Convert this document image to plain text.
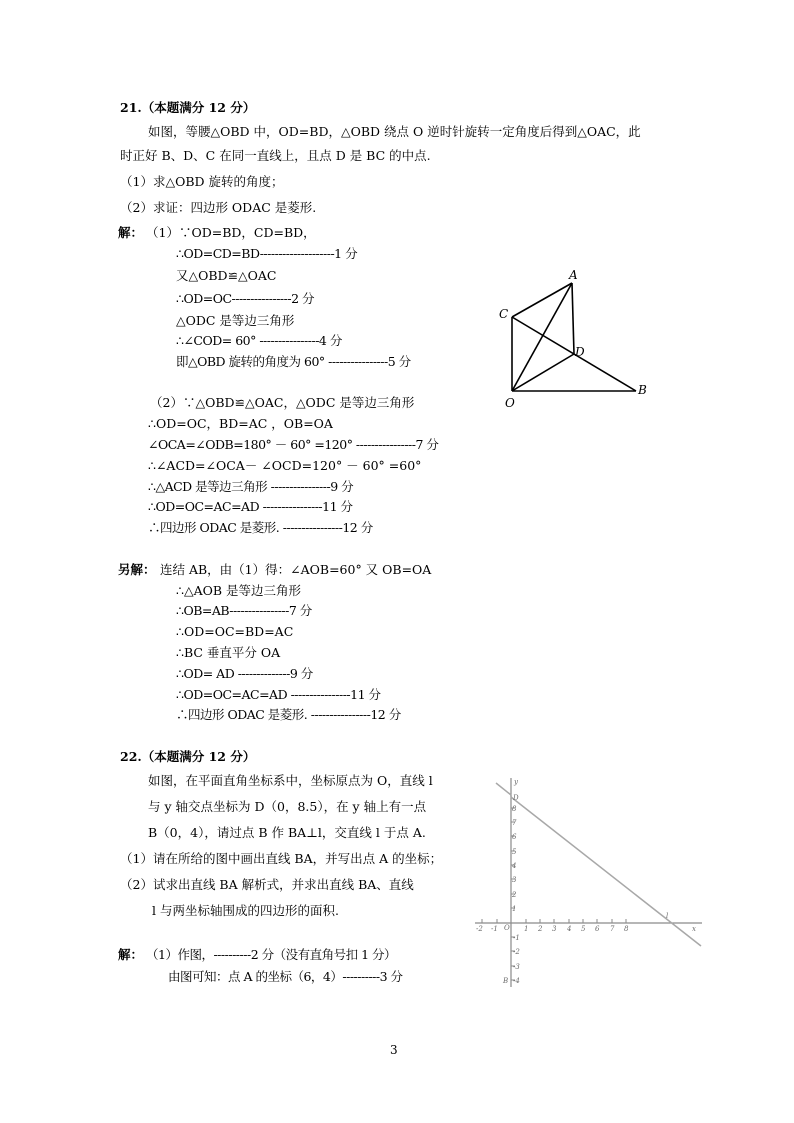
21.（本题满分 12 分）
如图，等腰△OBD 中，OD=BD，△OBD 绕点 O 逆时针旋转一定角度后得到△OAC，此
时正好 B、D、C 在同一直线上，且点 D 是 BC 的中点.
（1）求△OBD 旋转的角度；
（2）求证：四边形 ODAC 是菱形.
解： （1）∵OD=BD，CD=BD，
∴OD=CD=BD--------------------1 分
又△OBD≌△OAC
∴OD=OC----------------2 分
△ODC 是等边三角形
∴∠COD= 60° ----------------4 分
即△OBD 旋转的角度为 60° ----------------5 分
A
B
C
D
O
（2）∵△OBD≌△OAC，△ODC 是等边三角形
∴OD=OC，BD=AC ，OB=OA
∠OCA=∠ODB=180° － 60° =120° ----------------7 分
∴∠ACD=∠OCA－ ∠OCD=120° － 60° =60°
∴△ACD 是等边三角形 ----------------9 分
∴OD=OC=AC=AD ----------------11 分
∴四边形 ODAC 是菱形. ----------------12 分
另解： 连结 AB，由（1）得：∠AOB=60° 又 OB=OA
∴△AOB 是等边三角形
∴OB=AB----------------7 分
∴OD=OC=BD=AC
∴BC 垂直平分 OA
∴OD= AD --------------9 分
∴OD=OC=AC=AD ----------------11 分
∴四边形 ODAC 是菱形. ----------------12 分
22.（本题满分 12 分）
如图，在平面直角坐标系中，坐标原点为 O，直线 l
与 y 轴交点坐标为 D（0，8.5），在 y 轴上有一点
B（0，4），请过点 B 作 BA⊥l，交直线 l 于点 A.
（1）请在所给的图中画出直线 BA，并写出点 A 的坐标；
（2）试求出直线 BA 解析式，并求出直线 BA、直线
l 与两坐标轴围成的四边形的面积.
8
7
6
5
4
3
2
1
-1
-2
-3
-4
-2 -1	1 2 3 4 5 6 7 8
y
x
D
B
O
l
解： （1）作图，----------2 分（没有直角号扣 1 分）
由图可知：点 A 的坐标（6，4）----------3 分
3
